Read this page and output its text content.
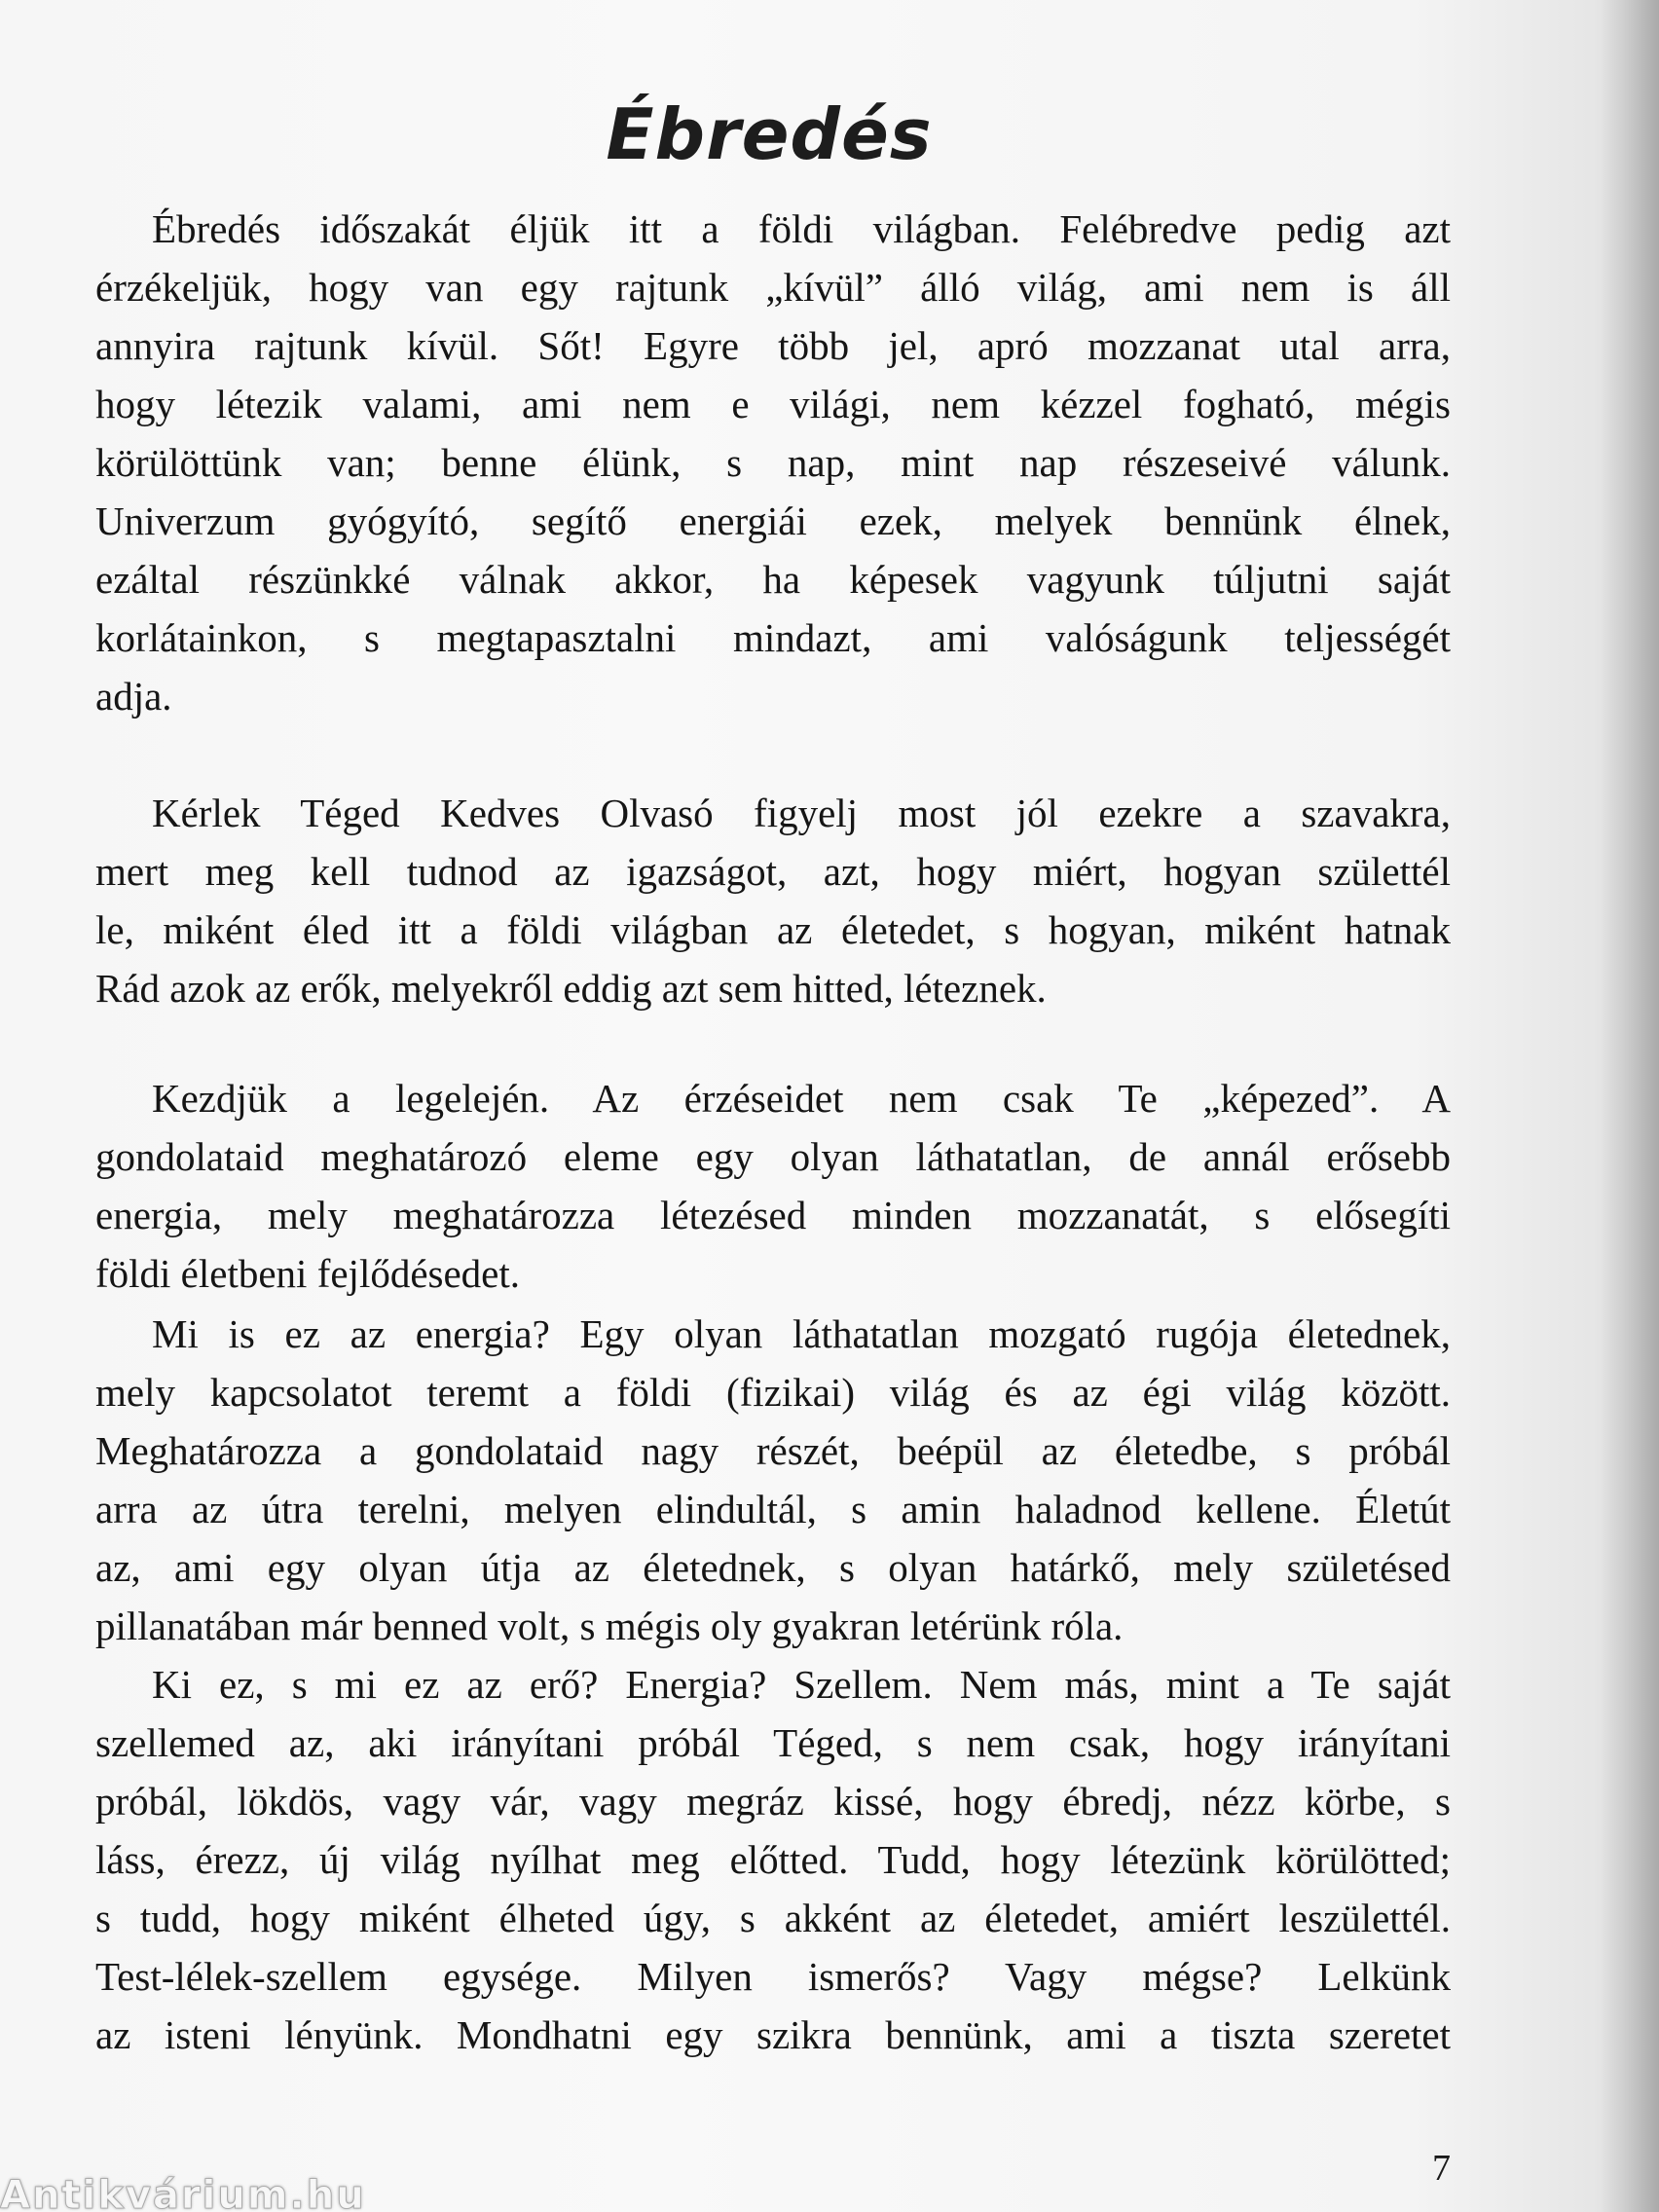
Ébredés
Ébredés időszakát éljük itt a földi világban. Felébredve pedig azt
érzékeljük, hogy van egy rajtunk „kívül” álló világ, ami nem is áll
annyira rajtunk kívül. Sőt! Egyre több jel, apró mozzanat utal arra,
hogy létezik valami, ami nem e világi, nem kézzel fogható, mégis
körülöttünk van; benne élünk, s nap, mint nap részeseivé válunk.
Univerzum gyógyító, segítő energiái ezek, melyek bennünk élnek,
ezáltal részünkké válnak akkor, ha képesek vagyunk túljutni saját
korlátainkon, s megtapasztalni mindazt, ami valóságunk teljességét
adja.
Kérlek Téged Kedves Olvasó figyelj most jól ezekre a szavakra,
mert meg kell tudnod az igazságot, azt, hogy miért, hogyan születtél
le, miként éled itt a földi világban az életedet, s hogyan, miként hatnak
Rád azok az erők, melyekről eddig azt sem hitted, léteznek.
Kezdjük a legelején. Az érzéseidet nem csak Te „képezed”. A
gondolataid meghatározó eleme egy olyan láthatatlan, de annál erősebb
energia, mely meghatározza létezésed minden mozzanatát, s elősegíti
földi életbeni fejlődésedet.
Mi is ez az energia? Egy olyan láthatatlan mozgató rugója életednek,
mely kapcsolatot teremt a földi (fizikai) világ és az égi világ között.
Meghatározza a gondolataid nagy részét, beépül az életedbe, s próbál
arra az útra terelni, melyen elindultál, s amin haladnod kellene. Életút
az, ami egy olyan útja az életednek, s olyan határkő, mely születésed
pillanatában már benned volt, s mégis oly gyakran letérünk róla.
Ki ez, s mi ez az erő? Energia? Szellem. Nem más, mint a Te saját
szellemed az, aki irányítani próbál Téged, s nem csak, hogy irányítani
próbál, lökdös, vagy vár, vagy megráz kissé, hogy ébredj, nézz körbe, s
láss, érezz, új világ nyílhat meg előtted. Tudd, hogy létezünk körülötted;
s tudd, hogy miként élheted úgy, s akként az életedet, amiért leszülettél.
Test-lélek-szellem egysége. Milyen ismerős? Vagy mégse? Lelkünk
az isteni lényünk. Mondhatni egy szikra bennünk, ami a tiszta szeretet
7
Antikvárium.hu
